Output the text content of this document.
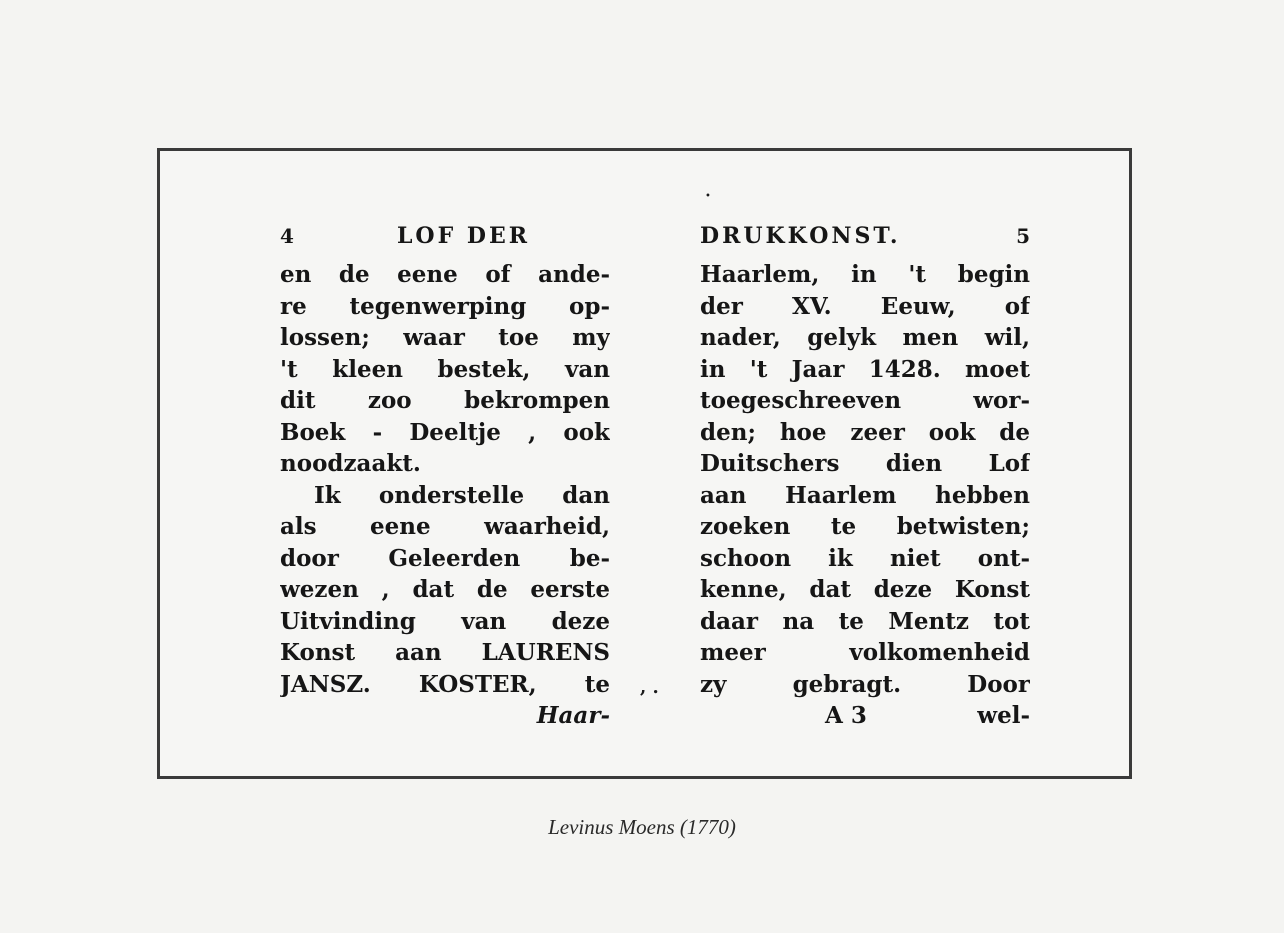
•
4	LOF DER
en de eene of ande-
re tegenwerping op-
lossen; waar toe my
't kleen bestek, van
dit zoo bekrompen
Boek - Deeltje , ook
noodzaakt.
Ik onderstelle dan
als eene waarheid,
door Geleerden be-
wezen , dat de eerste
Uitvinding van deze
Konst aan LAURENS
JANSZ. KOSTER, te
Haar-
, .
DRUKKONST.	5
Haarlem, in 't begin
der XV. Eeuw, of
nader, gelyk men wil,
in 't Jaar 1428. moet
toegeschreeven wor-
den; hoe zeer ook de
Duitschers dien Lof
aan Haarlem hebben
zoeken te betwisten;
schoon ik niet ont-
kenne, dat deze Konst
daar na te Mentz tot
meer volkomenheid
zy gebragt. Door
A 3	wel-
Levinus Moens (1770)
